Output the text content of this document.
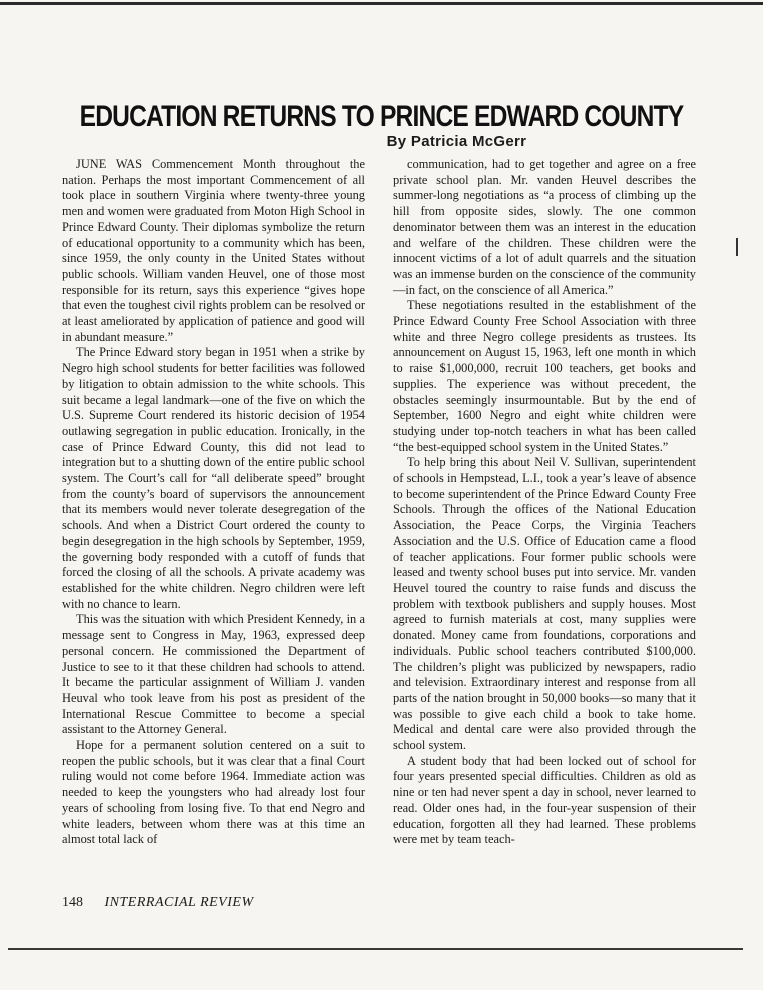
EDUCATION RETURNS TO PRINCE EDWARD COUNTY
By Patricia McGerr

JUNE WAS Commencement Month throughout the nation. Perhaps the most important Commencement of all took place in southern Virginia where twenty-three young men and women were graduated from Moton High School in Prince Edward County. Their diplomas symbolize the return of educational opportunity to a community which has been, since 1959, the only county in the United States without public schools. William vanden Heuvel, one of those most responsible for its return, says this experience “gives hope that even the toughest civil rights problem can be resolved or at least ameliorated by application of patience and good will in abundant measure.”

The Prince Edward story began in 1951 when a strike by Negro high school students for better facilities was followed by litigation to obtain admission to the white schools. This suit became a legal landmark—one of the five on which the U.S. Supreme Court rendered its historic decision of 1954 outlawing segregation in public education. Ironically, in the case of Prince Edward County, this did not lead to integration but to a shutting down of the entire public school system. The Court’s call for “all deliberate speed” brought from the county’s board of supervisors the announcement that its members would never tolerate desegregation of the schools. And when a District Court ordered the county to begin desegregation in the high schools by September, 1959, the governing body responded with a cutoff of funds that forced the closing of all the schools. A private academy was established for the white children. Negro children were left with no chance to learn.

This was the situation with which President Kennedy, in a message sent to Congress in May, 1963, expressed deep personal concern. He commissioned the Department of Justice to see to it that these children had schools to attend. It became the particular assignment of William J. vanden Heuval who took leave from his post as president of the International Rescue Committee to become a special assistant to the Attorney General.

Hope for a permanent solution centered on a suit to reopen the public schools, but it was clear that a final Court ruling would not come before 1964. Immediate action was needed to keep the youngsters who had already lost four years of schooling from losing five. To that end Negro and white leaders, between whom there was at this time an almost total lack of

communication, had to get together and agree on a free private school plan. Mr. vanden Heuvel describes the summer-long negotiations as “a process of climbing up the hill from opposite sides, slowly. The one common denominator between them was an interest in the education and welfare of the children. These children were the innocent victims of a lot of adult quarrels and the situation was an immense burden on the conscience of the community—in fact, on the conscience of all America.”

These negotiations resulted in the establishment of the Prince Edward County Free School Association with three white and three Negro college presidents as trustees. Its announcement on August 15, 1963, left one month in which to raise $1,000,000, recruit 100 teachers, get books and supplies. The experience was without precedent, the obstacles seemingly insurmountable. But by the end of September, 1600 Negro and eight white children were studying under top-notch teachers in what has been called “the best-equipped school system in the United States.”

To help bring this about Neil V. Sullivan, superintendent of schools in Hempstead, L.I., took a year’s leave of absence to become superintendent of the Prince Edward County Free Schools. Through the offices of the National Education Association, the Peace Corps, the Virginia Teachers Association and the U.S. Office of Education came a flood of teacher applications. Four former public schools were leased and twenty school buses put into service. Mr. vanden Heuvel toured the country to raise funds and discuss the problem with textbook publishers and supply houses. Most agreed to furnish materials at cost, many supplies were donated. Money came from foundations, corporations and individuals. Public school teachers contributed $100,000. The children’s plight was publicized by newspapers, radio and television. Extraordinary interest and response from all parts of the nation brought in 50,000 books—so many that it was possible to give each child a book to take home. Medical and dental care were also provided through the school system.

A student body that had been locked out of school for four years presented special difficulties. Children as old as nine or ten had never spent a day in school, never learned to read. Older ones had, in the four-year suspension of their education, forgotten all they had learned. These problems were met by team teach-

148 INTERRACIAL REVIEW
